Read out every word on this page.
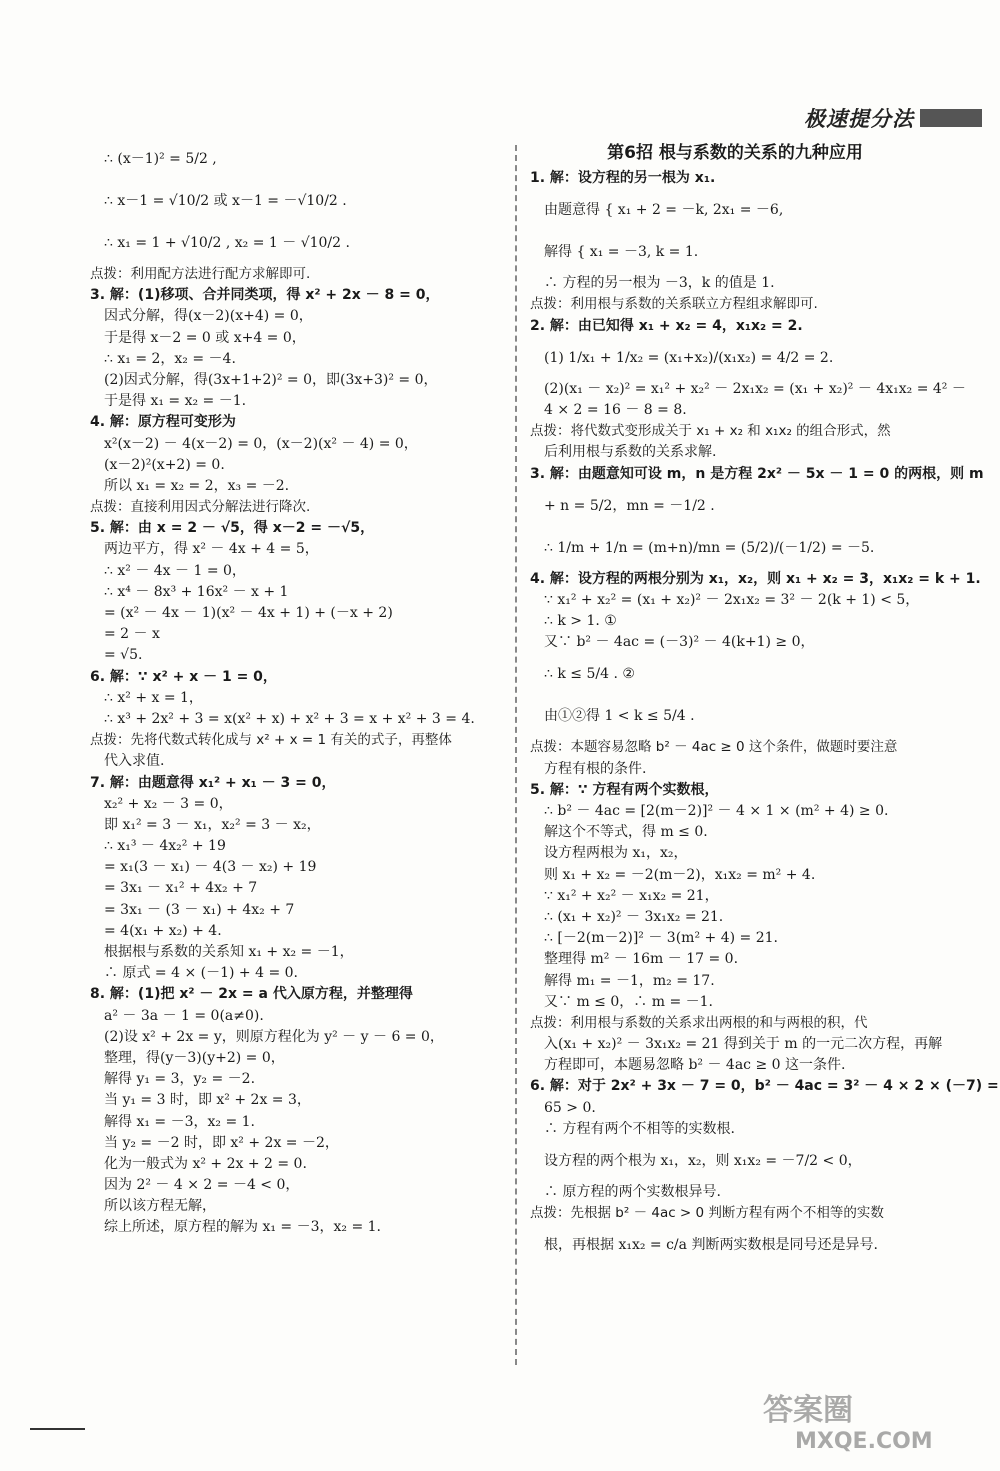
极速提分法
∴ (x－1)² = 5/2 ,
∴ x－1 = √10/2 或 x－1 = －√10/2 .
∴ x₁ = 1 + √10/2 , x₂ = 1 － √10/2 .
点拨：利用配方法进行配方求解即可.
3. 解：(1)移项、合并同类项，得 x² + 2x － 8 = 0，
因式分解，得(x－2)(x+4) = 0，
于是得 x－2 = 0 或 x+4 = 0，
∴ x₁ = 2，x₂ = －4.
(2)因式分解，得(3x+1+2)² = 0，即(3x+3)² = 0，
于是得 x₁ = x₂ = －1.
4. 解：原方程可变形为
x²(x－2) － 4(x－2) = 0，(x－2)(x² － 4) = 0，
(x－2)²(x+2) = 0.
所以 x₁ = x₂ = 2，x₃ = －2.
点拨：直接利用因式分解法进行降次.
5. 解：由 x = 2 － √5，得 x－2 = －√5，
两边平方，得 x² － 4x + 4 = 5，
∴ x² － 4x － 1 = 0，
∴ x⁴ － 8x³ + 16x² － x + 1
= (x² － 4x － 1)(x² － 4x + 1) + (－x + 2)
= 2 － x
= √5.
6. 解：∵ x² + x － 1 = 0，
∴ x² + x = 1，
∴ x³ + 2x² + 3 = x(x² + x) + x² + 3 = x + x² + 3 = 4.
点拨：先将代数式转化成与 x² + x = 1 有关的式子，再整体
代入求值.
7. 解：由题意得 x₁² + x₁ － 3 = 0，
x₂² + x₂ － 3 = 0，
即 x₁² = 3 － x₁，x₂² = 3 － x₂，
∴ x₁³ － 4x₂² + 19
= x₁(3 － x₁) － 4(3 － x₂) + 19
= 3x₁ － x₁² + 4x₂ + 7
= 3x₁ － (3 － x₁) + 4x₂ + 7
= 4(x₁ + x₂) + 4.
根据根与系数的关系知 x₁ + x₂ = －1，
∴ 原式 = 4 × (－1) + 4 = 0.
8. 解：(1)把 x² － 2x = a 代入原方程，并整理得
a² － 3a － 1 = 0(a≠0).
(2)设 x² + 2x = y，则原方程化为 y² － y － 6 = 0，
整理，得(y－3)(y+2) = 0，
解得 y₁ = 3，y₂ = －2.
当 y₁ = 3 时，即 x² + 2x = 3，
解得 x₁ = －3，x₂ = 1.
当 y₂ = －2 时，即 x² + 2x = －2，
化为一般式为 x² + 2x + 2 = 0.
因为 2² － 4 × 2 = －4 < 0，
所以该方程无解，
综上所述，原方程的解为 x₁ = －3，x₂ = 1.
第6招 根与系数的关系的九种应用
1. 解：设方程的另一根为 x₁.
由题意得 { x₁ + 2 = －k, 2x₁ = －6,
解得 { x₁ = －3, k = 1.
∴ 方程的另一根为 －3，k 的值是 1.
点拨：利用根与系数的关系联立方程组求解即可.
2. 解：由已知得 x₁ + x₂ = 4，x₁x₂ = 2.
(1) 1/x₁ + 1/x₂ = (x₁+x₂)/(x₁x₂) = 4/2 = 2.
(2)(x₁ － x₂)² = x₁² + x₂² － 2x₁x₂ = (x₁ + x₂)² － 4x₁x₂ = 4² －
4 × 2 = 16 － 8 = 8.
点拨：将代数式变形成关于 x₁ + x₂ 和 x₁x₂ 的组合形式，然
后利用根与系数的关系求解.
3. 解：由题意知可设 m，n 是方程 2x² － 5x － 1 = 0 的两根，则 m
+ n = 5/2，mn = －1/2 .
∴ 1/m + 1/n = (m+n)/mn = (5/2)/(－1/2) = －5.
4. 解：设方程的两根分别为 x₁，x₂，则 x₁ + x₂ = 3，x₁x₂ = k + 1.
∵ x₁² + x₂² = (x₁ + x₂)² － 2x₁x₂ = 3² － 2(k + 1) < 5，
∴ k > 1. ①
又∵ b² － 4ac = (－3)² － 4(k+1) ≥ 0，
∴ k ≤ 5/4 . ②
由①②得 1 < k ≤ 5/4 .
点拨：本题容易忽略 b² － 4ac ≥ 0 这个条件，做题时要注意
方程有根的条件.
5. 解：∵ 方程有两个实数根，
∴ b² － 4ac = [2(m－2)]² － 4 × 1 × (m² + 4) ≥ 0.
解这个不等式，得 m ≤ 0.
设方程两根为 x₁，x₂，
则 x₁ + x₂ = －2(m－2)，x₁x₂ = m² + 4.
∵ x₁² + x₂² － x₁x₂ = 21，
∴ (x₁ + x₂)² － 3x₁x₂ = 21.
∴ [－2(m－2)]² － 3(m² + 4) = 21.
整理得 m² － 16m － 17 = 0.
解得 m₁ = －1，m₂ = 17.
又∵ m ≤ 0，∴ m = －1.
点拨：利用根与系数的关系求出两根的和与两根的积，代
入(x₁ + x₂)² － 3x₁x₂ = 21 得到关于 m 的一元二次方程，再解
方程即可，本题易忽略 b² － 4ac ≥ 0 这一条件.
6. 解：对于 2x² + 3x － 7 = 0，b² － 4ac = 3² － 4 × 2 × (－7) =
65 > 0.
∴ 方程有两个不相等的实数根.
设方程的两个根为 x₁，x₂，则 x₁x₂ = －7/2 < 0，
∴ 原方程的两个实数根异号.
点拨：先根据 b² － 4ac > 0 判断方程有两个不相等的实数
根，再根据 x₁x₂ = c/a 判断两实数根是同号还是异号.
答案圈
MXQE.COM
